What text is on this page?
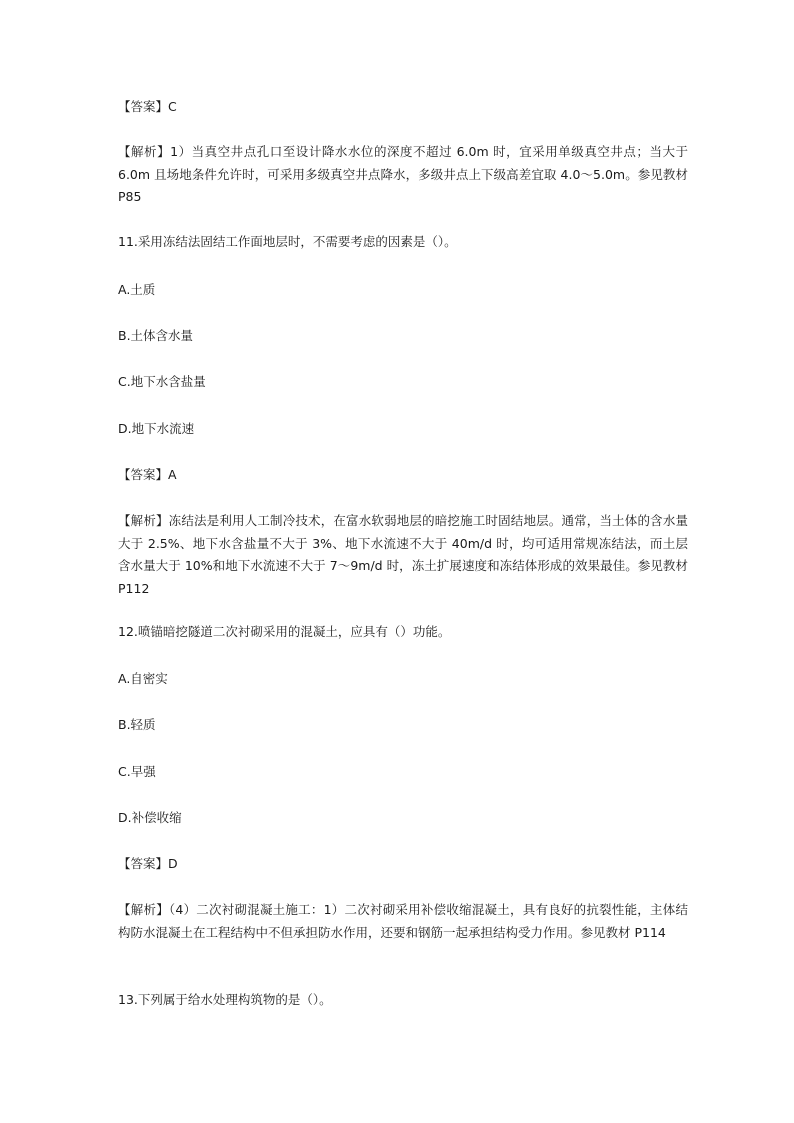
【答案】C
【解析】1）当真空井点孔口至设计降水水位的深度不超过 6.0m 时，宜采用单级真空井点；当大于 6.0m 且场地条件允许时，可采用多级真空井点降水，多级井点上下级高差宜取 4.0～5.0m。参见教材 P85
11.采用冻结法固结工作面地层时，不需要考虑的因素是（）。
A.土质
B.土体含水量
C.地下水含盐量
D.地下水流速
【答案】A
【解析】冻结法是利用人工制冷技术，在富水软弱地层的暗挖施工时固结地层。通常，当土体的含水量大于 2.5%、地下水含盐量不大于 3%、地下水流速不大于 40m/d 时，均可适用常规冻结法，而土层含水量大于 10%和地下水流速不大于 7～9m/d 时，冻土扩展速度和冻结体形成的效果最佳。参见教材 P112
12.喷锚暗挖隧道二次衬砌采用的混凝土，应具有（）功能。
A.自密实
B.轻质
C.早强
D.补偿收缩
【答案】D
【解析】（4）二次衬砌混凝土施工：1）二次衬砌采用补偿收缩混凝土，具有良好的抗裂性能，主体结构防水混凝土在工程结构中不但承担防水作用，还要和钢筋一起承担结构受力作用。参见教材 P114
13.下列属于给水处理构筑物的是（）。
